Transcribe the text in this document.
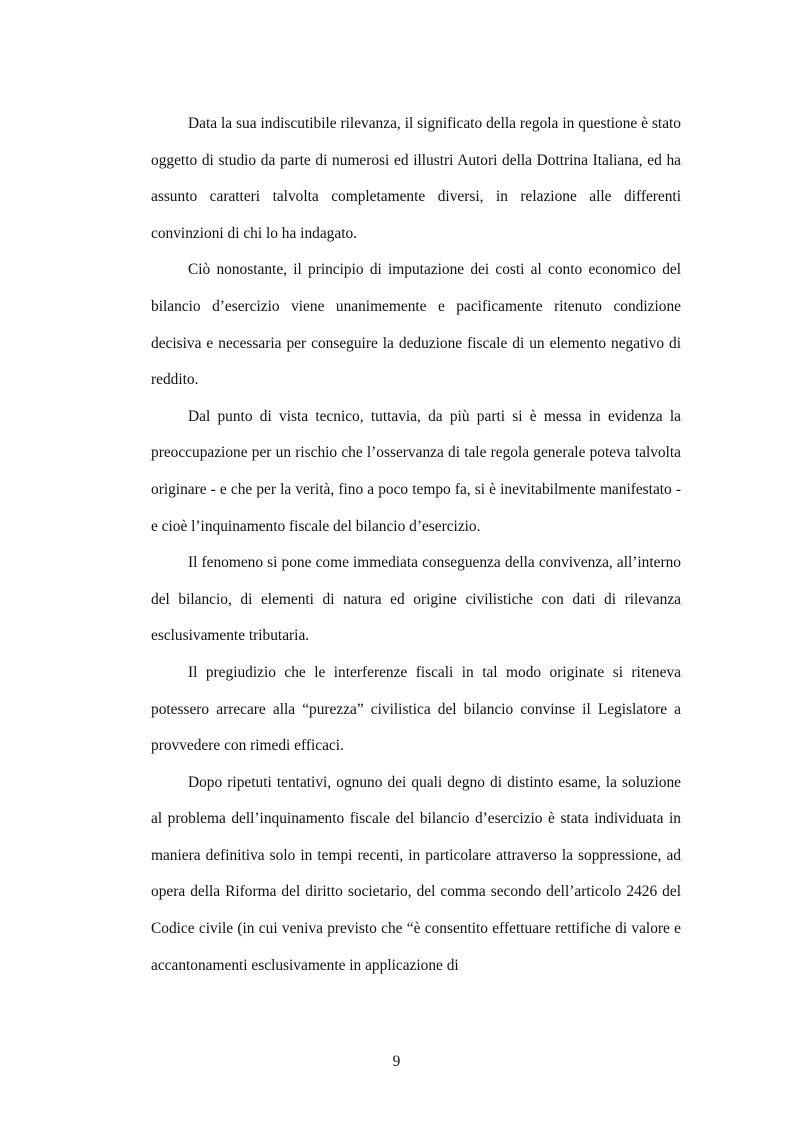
Data la sua indiscutibile rilevanza, il significato della regola in questione è stato oggetto di studio da parte di numerosi ed illustri Autori della Dottrina Italiana, ed ha assunto caratteri talvolta completamente diversi, in relazione alle differenti convinzioni di chi lo ha indagato.

Ciò nonostante, il principio di imputazione dei costi al conto economico del bilancio d’esercizio viene unanimemente e pacificamente ritenuto condizione decisiva e necessaria per conseguire la deduzione fiscale di un elemento negativo di reddito.

Dal punto di vista tecnico, tuttavia, da più parti si è messa in evidenza la preoccupazione per un rischio che l’osservanza di tale regola generale poteva talvolta originare - e che per la verità, fino a poco tempo fa, si è inevitabilmente manifestato - e cioè l’inquinamento fiscale del bilancio d’esercizio.

Il fenomeno si pone come immediata conseguenza della convivenza, all’interno del bilancio, di elementi di natura ed origine civilistiche con dati di rilevanza esclusivamente tributaria.

Il pregiudizio che le interferenze fiscali in tal modo originate si riteneva potessero arrecare alla “purezza” civilistica del bilancio convinse il Legislatore a provvedere con rimedi efficaci.

Dopo ripetuti tentativi, ognuno dei quali degno di distinto esame, la soluzione al problema dell’inquinamento fiscale del bilancio d’esercizio è stata individuata in maniera definitiva solo in tempi recenti, in particolare attraverso la soppressione, ad opera della Riforma del diritto societario, del comma secondo dell’articolo 2426 del Codice civile (in cui veniva previsto che “è consentito effettuare rettifiche di valore e accantonamenti esclusivamente in applicazione di

9
